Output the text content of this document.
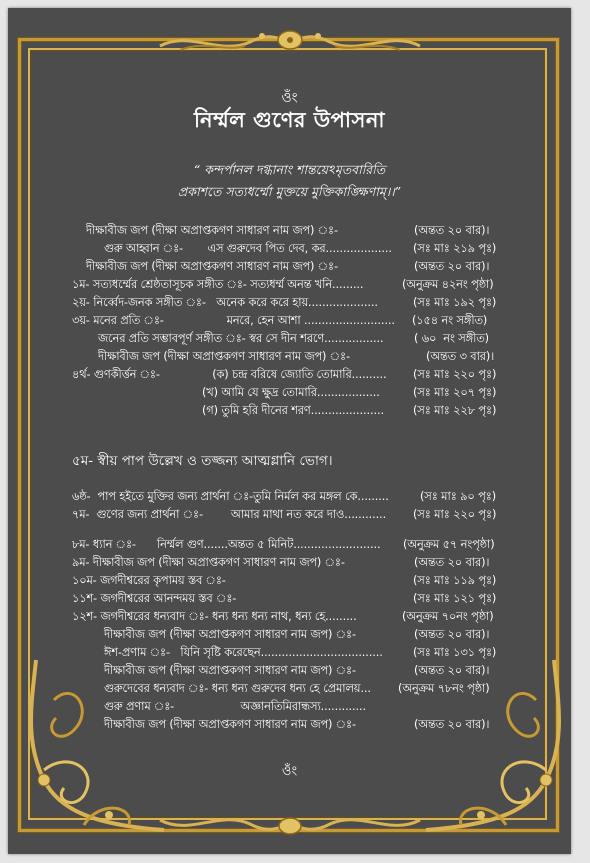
ওঁং
নির্ম্মল গুণের উপাসনা
“ কন্দর্পানল দগ্ধানাং শান্তয়েঽমৃতবারিতি
প্রকাশতে সত্যধর্ম্মো মুক্তয়ে মুক্তিকাঙ্ক্ষিণাম্।।”
দীক্ষাবীজ জপ (দীক্ষা অপ্রাপ্তকগণ সাধারণ নাম জপ) ঃ-	(অন্তত ২০ বার)।
গুরু আহ্বান ঃ-       এস গুরুদেব পিত দেব, কর................... (সঃ মাঃ ২১৯ পৃঃ)
দীক্ষাবীজ জপ (দীক্ষা অপ্রাপ্তকগণ সাধারণ নাম জপ) ঃ-	(অন্তত ২০ বার)।
১ম- সত্যধর্ম্মের শ্রেষ্ঠতাসূচক সঙ্গীত ঃ- সত্যধর্ম্ম অনন্ত খনি.........	(অনুক্রম ৪২নং পৃষ্ঠা)
২য়- নির্ব্বেদ-জনক সঙ্গীত ঃ-   অনেক করে করে হায়....................	(সঃ মাঃ ১৯২ পৃঃ)
৩য়- মনের প্রতি ঃ-                  মনরে, হেন আশা .......................... (১৫৪ নং সঙ্গীত)
জনের প্রতি সম্ভাবপূর্ণ সঙ্গীত ঃ- স্বর সে দীন শরণে.................	( ৬০  নং সঙ্গীত)
দীক্ষাবীজ জপ (দীক্ষা অপ্রাপ্তকগণ সাধারণ নাম জপ) ঃ-	(অন্তত ৩ বার)।
৪র্থ- গুণকীর্ত্তন ঃ-               (ক) চন্দ্র বরিষে জ্যোতি তোমারি.......... (সঃ মাঃ ২২০ পৃঃ)
(খ) আমি যে ক্ষুদ্র তোমারি..................	(সঃ মাঃ ২০৭ পৃঃ)
(গ) তুমি হরি দীনের শরণ.....................	(সঃ মাঃ ২২৮ পৃঃ)
৫ম- স্বীয় পাপ উল্লেখ ও তজ্জন্য আত্মগ্লানি ভোগ।
৬ষ্ঠ-  পাপ হইতে মুক্তির জন্য প্রার্থনা ঃ-তুমি নির্মল কর মঙ্গল কে.........	(সঃ মাঃ ৯০ পৃঃ)
৭ম-  গুণের জন্য প্রার্থনা ঃ-        আমার মাথা নত করে দাও............ (সঃ মাঃ ২২০ পৃঃ)
৮ম- ধ্যান ঃ-      নির্ম্মল গুণ.......অন্তত ৫ মিনিট......................... (অনুক্রম ৫৭ নংপৃষ্ঠা)
৯ম- দীক্ষাবীজ জপ (দীক্ষা অপ্রাপ্তকগণ সাধারণ নাম জপ) ঃ-	(অন্তত ২০ বার)।
১০ম- জগদীশ্বরের কৃপাময় স্তব ঃ-	(সঃ মাঃ ১১৯ পৃঃ)
১১শ- জগদীশ্বরের আনন্দময় স্তব ঃ-	(সঃ মাঃ ১২১ পৃঃ)
১২শ- জগদীশ্বরের ধন্যবাদ ঃ- ধন্য ধন্য ধন্য নাথ, ধন্য হে.........	(অনুক্রম ৭০নং পৃষ্ঠা)
দীক্ষাবীজ জপ (দীক্ষা অপ্রাপ্তকগণ সাধারণ নাম জপ) ঃ-	(অন্তত ২০ বার)।
ঈশ-প্রণাম ঃ-   যিনি সৃষ্টি করেছেন...................................	(সঃ মাঃ ১৩১ পৃঃ)
দীক্ষাবীজ জপ (দীক্ষা অপ্রাপ্তকগণ সাধারণ নাম জপ) ঃ-	(অন্তত ২০ বার)।
গুরুদেবের ধন্যবাদ ঃ- ধন্য ধন্য গুরুদেব ধন্য হে প্রেমালয়... (অনুক্রম ৭৮নং পৃষ্ঠা)
গুরু প্রণাম ঃ-                   অজ্ঞানতিমিরান্ধস্য.............
দীক্ষাবীজ জপ (দীক্ষা অপ্রাপ্তকগণ সাধারণ নাম জপ) ঃ-	(অন্তত ২০ বার)।
ওঁং
